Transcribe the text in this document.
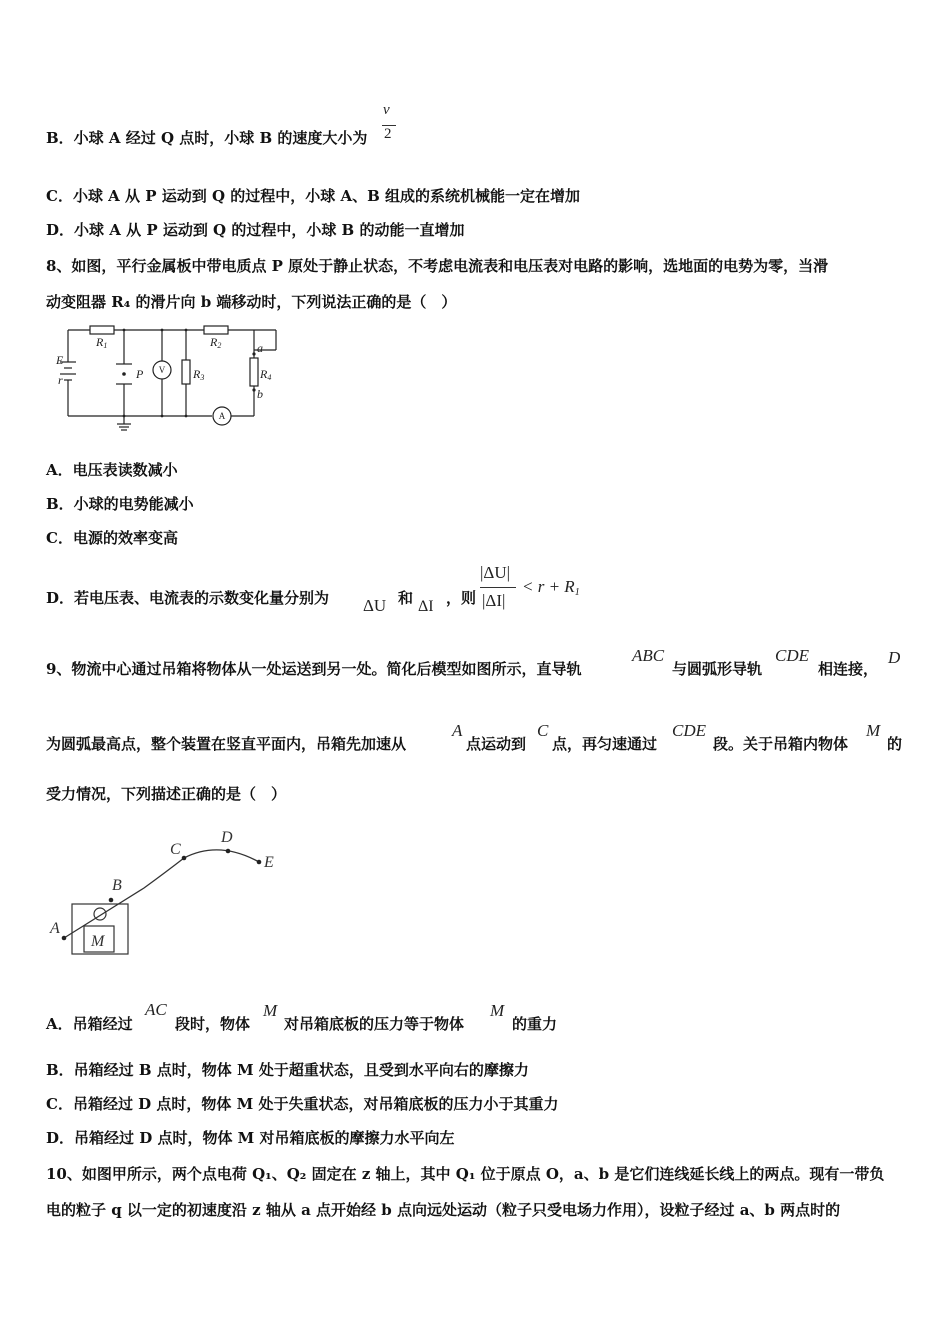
B．小球 A 经过 Q 点时，小球 B 的速度大小为
v
2
C．小球 A 从 P 运动到 Q 的过程中，小球 A、B 组成的系统机械能一定在增加
D．小球 A 从 P 运动到 Q 的过程中，小球 B 的动能一直增加
8、如图，平行金属板中带电质点 P 原处于静止状态，不考虑电流表和电压表对电路的影响，选地面的电势为零，当滑
动变阻器 R₄ 的滑片向 b 端移动时，下列说法正确的是（　）
E
r
R1	R2
R3	R4
P
a
b
V
A
A．电压表读数减小
B．小球的电势能减小
C．电源的效率变高
D．若电压表、电流表的示数变化量分别为 ΔU 和 ΔI ，则
|ΔU|
|ΔI|
< $r + R_1$
9、物流中心通过吊箱将物体从一处运送到另一处。简化后模型如图所示，直导轨
ABC
与圆弧形导轨
CDE
相连接，
D
为圆弧最高点，整个装置在竖直平面内，吊箱先加速从
A
点运动到
C
点，再匀速通过
CDE
段。关于吊箱内物体
M
的
受力情况，下列描述正确的是（　）
A
B
C
D
E
M
A．吊箱经过
AC
段时，物体
M
对吊箱底板的压力等于物体
M
的重力
B．吊箱经过 B 点时，物体 M 处于超重状态，且受到水平向右的摩擦力
C．吊箱经过 D 点时，物体 M 处于失重状态，对吊箱底板的压力小于其重力
D．吊箱经过 D 点时，物体 M 对吊箱底板的摩擦力水平向左
10、如图甲所示，两个点电荷 Q₁、Q₂ 固定在 z 轴上，其中 Q₁ 位于原点 O，a、b 是它们连线延长线上的两点。现有一带负
电的粒子 q 以一定的初速度沿 z 轴从 a 点开始经 b 点向远处运动（粒子只受电场力作用），设粒子经过 a、b 两点时的
